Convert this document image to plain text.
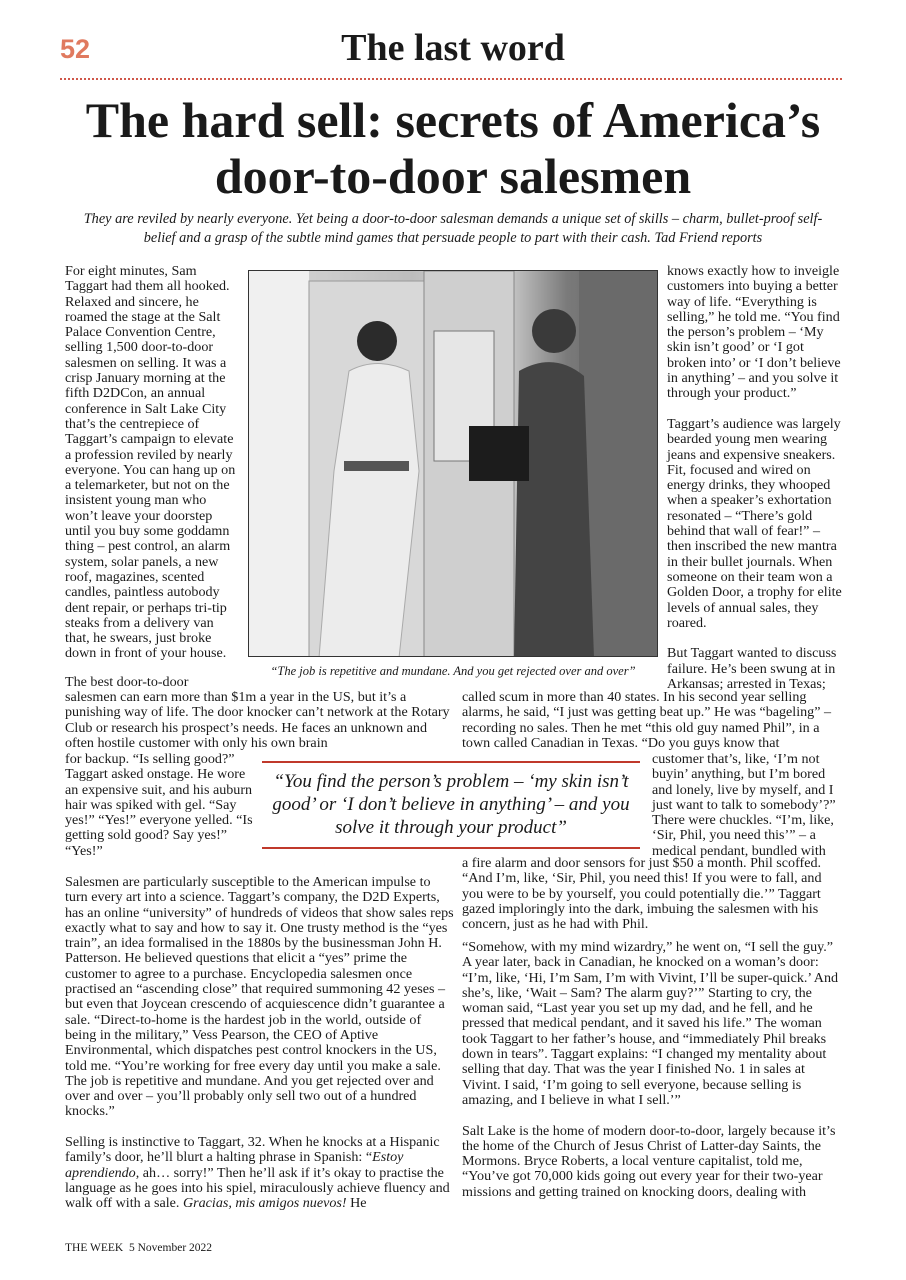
52	The last word
The hard sell: secrets of America’s door-to-door salesmen
They are reviled by nearly everyone. Yet being a door-to-door salesman demands a unique set of skills – charm, bullet-proof self-belief and a grasp of the subtle mind games that persuade people to part with their cash. Tad Friend reports

For eight minutes, Sam Taggart had them all hooked. Relaxed and sincere, he roamed the stage at the Salt Palace Convention Centre, selling 1,500 door-to-door salesmen on selling. It was a crisp January morning at the fifth D2DCon, an annual conference in Salt Lake City that’s the centrepiece of Taggart’s campaign to elevate a profession reviled by nearly everyone. You can hang up on a telemarketer, but not on the insistent young man who won’t leave your doorstep until you buy some goddamn thing – pest control, an alarm system, solar panels, a new roof, magazines, scented candles, paintless autobody dent repair, or perhaps tri-tip steaks from a delivery van that, he swears, just broke down in front of your house.

“The job is repetitive and mundane. And you get rejected over and over”

knows exactly how to inveigle customers into buying a better way of life. “Everything is selling,” he told me. “You find the person’s problem – ‘My skin isn’t good’ or ‘I got broken into’ or ‘I don’t believe in anything’ – and you solve it through your product.”

Taggart’s audience was largely bearded young men wearing jeans and expensive sneakers. Fit, focused and wired on energy drinks, they whooped when a speaker’s exhortation resonated – “There’s gold behind that wall of fear!” – then inscribed the new mantra in their bullet journals. When someone on their team won a Golden Door, a trophy for elite levels of annual sales, they roared.

But Taggart wanted to discuss failure. He’s been swung at in Arkansas; arrested in Texas;

The best door-to-door

salesmen can earn more than $1m a year in the US, but it’s a punishing way of life. The door knocker can’t network at the Rotary Club or research his prospect’s needs. He faces an unknown and often hostile customer with only his own brain

for backup. “Is selling good?” Taggart asked onstage. He wore an expensive suit, and his auburn hair was spiked with gel. “Say yes!” “Yes!” everyone yelled. “Is getting sold good? Say yes!” “Yes!”

“You find the person’s problem – ‘my skin isn’t good’ or ‘I don’t believe in anything’ – and you solve it through your product”

called scum in more than 40 states. In his second year selling alarms, he said, “I just was getting beat up.” He was “bageling” – recording no sales. Then he met “this old guy named Phil”, in a town called Canadian in Texas. “Do you guys know that

customer that’s, like, ‘I’m not buyin’ anything, but I’m bored and lonely, live by myself, and I just want to talk to somebody’?” There were chuckles. “I’m, like, ‘Sir, Phil, you need this’” – a medical pendant, bundled with

a fire alarm and door sensors for just $50 a month. Phil scoffed. “And I’m, like, ‘Sir, Phil, you need this! If you were to fall, and you were to be by yourself, you could potentially die.’” Taggart gazed imploringly into the dark, imbuing the salesmen with his concern, just as he had with Phil.

Salesmen are particularly susceptible to the American impulse to turn every art into a science. Taggart’s company, the D2D Experts, has an online “university” of hundreds of videos that show sales reps exactly what to say and how to say it. One trusty method is the “yes train”, an idea formalised in the 1880s by the businessman John H. Patterson. He believed questions that elicit a “yes” prime the customer to agree to a purchase. Encyclopedia salesmen once practised an “ascending close” that required summoning 42 yeses – but even that Joycean crescendo of acquiescence didn’t guarantee a sale. “Direct-to-home is the hardest job in the world, outside of being in the military,” Vess Pearson, the CEO of Aptive Environmental, which dispatches pest control knockers in the US, told me. “You’re working for free every day until you make a sale. The job is repetitive and mundane. And you get rejected over and over and over – you’ll probably only sell two out of a hundred knocks.”

Selling is instinctive to Taggart, 32. When he knocks at a Hispanic family’s door, he’ll blurt a halting phrase in Spanish: “Estoy aprendiendo, ah… sorry!” Then he’ll ask if it’s okay to practise the language as he goes into his spiel, miraculously achieve fluency and walk off with a sale. Gracias, mis amigos nuevos! He

“Somehow, with my mind wizardry,” he went on, “I sell the guy.” A year later, back in Canadian, he knocked on a woman’s door: “I’m, like, ‘Hi, I’m Sam, I’m with Vivint, I’ll be super-quick.’ And she’s, like, ‘Wait – Sam? The alarm guy?’” Starting to cry, the woman said, “Last year you set up my dad, and he fell, and he pressed that medical pendant, and it saved his life.” The woman took Taggart to her father’s house, and “immediately Phil breaks down in tears”. Taggart explains: “I changed my mentality about selling that day. That was the year I finished No. 1 in sales at Vivint. I said, ‘I’m going to sell everyone, because selling is amazing, and I believe in what I sell.’”

Salt Lake is the home of modern door-to-door, largely because it’s the home of the Church of Jesus Christ of Latter-day Saints, the Mormons. Bryce Roberts, a local venture capitalist, told me, “You’ve got 70,000 kids going out every year for their two-year missions and getting trained on knocking doors, dealing with

THE WEEK 5 November 2022
